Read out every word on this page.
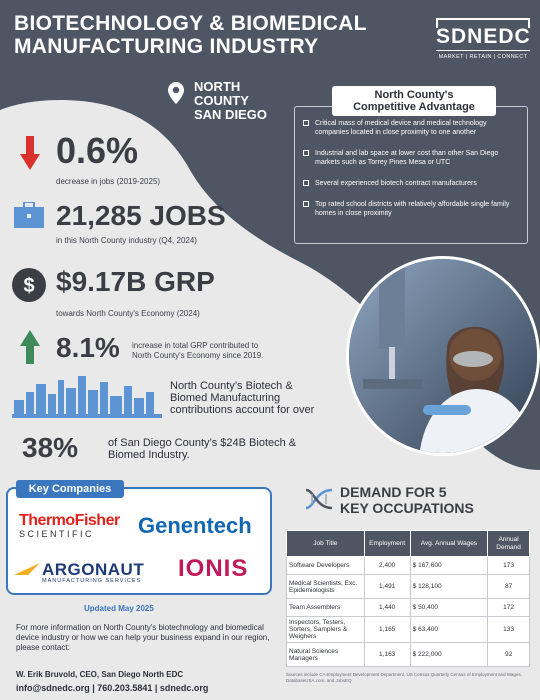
BIOTECHNOLOGY & BIOMEDICAL
MANUFACTURING INDUSTRY	SDNEDC
MARKET | RETAIN | CONNECT
NORTH
COUNTY
SAN DIEGO
North County's
Competitive Advantage
Critical mass of medical device and medical technology companies located in close proximity to one another
Industrial and lab space at lower cost than other San Diego markets such as Torrey Pines Mesa or UTC
Several experienced biotech contract manufacturers
Top rated school districts with relatively affordable single family homes in close proximity
0.6%
decrease in jobs (2019-2025)
21,285 JOBS
in this North County industry (Q4, 2024)
$ $9.17B GRP
towards North County's Economy (2024)
8.1% increase in total GRP contributed to
North County's Economy since 2019.
North County’s Biotech &
Biomed Manufacturing
contributions account for over
38%	of San Diego County’s $24B Biotech &
Biomed Industry.
Key Companies
ThermoFisher
SCIENTIFIC	Genentech
ARGONAUT
MANUFACTURING SERVICES IONIS
Updated May 2025
For more information on North County's biotechnology and biomedical device industry or how we can help your business expand in our region, please contact:
W. Erik Bruvold, CEO, San Diego North EDC
info@sdnedc.org | 760.203.5841 | sdnedc.org
DEMAND FOR 5
KEY OCCUPATIONS
Job Title	Employment	Avg. Annual Wages	Annual Demand
Software Developers	2,400	$ 167,600	173
Medical Scientists, Exc. Epidemiologists	1,491	$ 128,100	87
Team Assemblers	1,440	$ 50,400	172
Inspectors, Testers, Sorters, Samplers & Weighers	1,165	$ 63,400	133
Natural Sciences Managers	1,163	$ 222,000	92
Sources include CA Employment Development Department, US Census Quarterly Census of Employment and Wages, DatabaseUSA.com, and JobsEQ
